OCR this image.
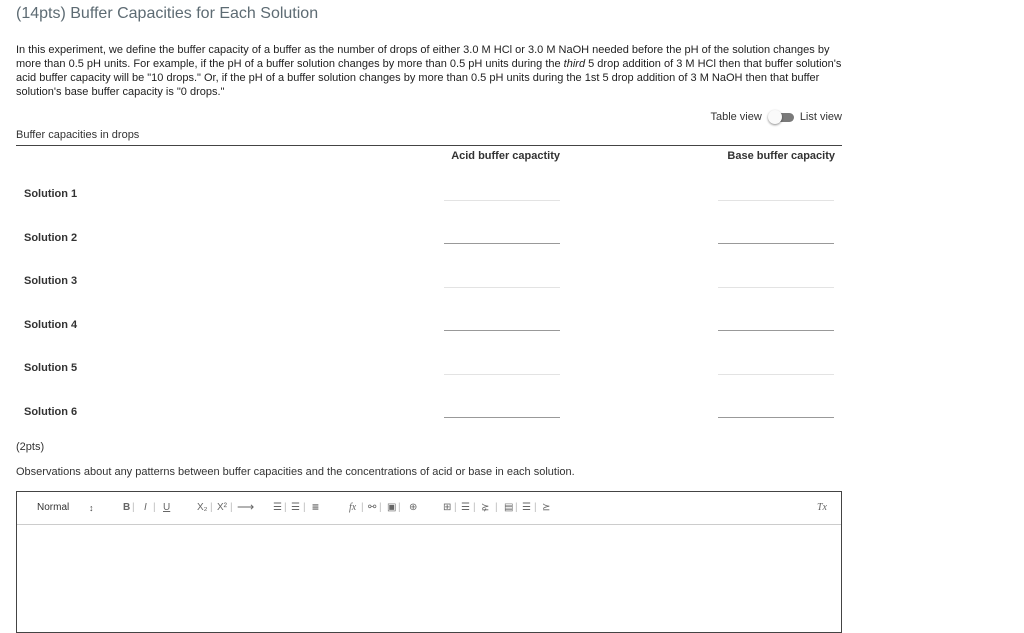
(14pts) Buffer Capacities for Each Solution
In this experiment, we define the buffer capacity of a buffer as the number of drops of either 3.0 M HCl or 3.0 M NaOH needed before the pH of the solution changes by more than 0.5 pH units. For example, if the pH of a buffer solution changes by more than 0.5 pH units during the third 5 drop addition of 3 M HCl then that buffer solution's acid buffer capacity will be "10 drops." Or, if the pH of a buffer solution changes by more than 0.5 pH units during the 1st 5 drop addition of 3 M NaOH then that buffer solution's base buffer capacity is "0 drops."
Table view	List view
Buffer capacities in drops
Acid buffer capactity	Base buffer capacity
Solution 1
Solution 2
Solution 3
Solution 4
Solution 5
Solution 6
(2pts)
Observations about any patterns between buffer capacities and the concentrations of acid or base in each solution.
Normal ↕	B | I | U	X₂ | X² | ⟶ ☰ | ☰ | ≡	fx | ⚯ | ▣ | ⊕	⊞ | ☰ | ⪲ | ▤ | ☰ | ⪰	Tx
